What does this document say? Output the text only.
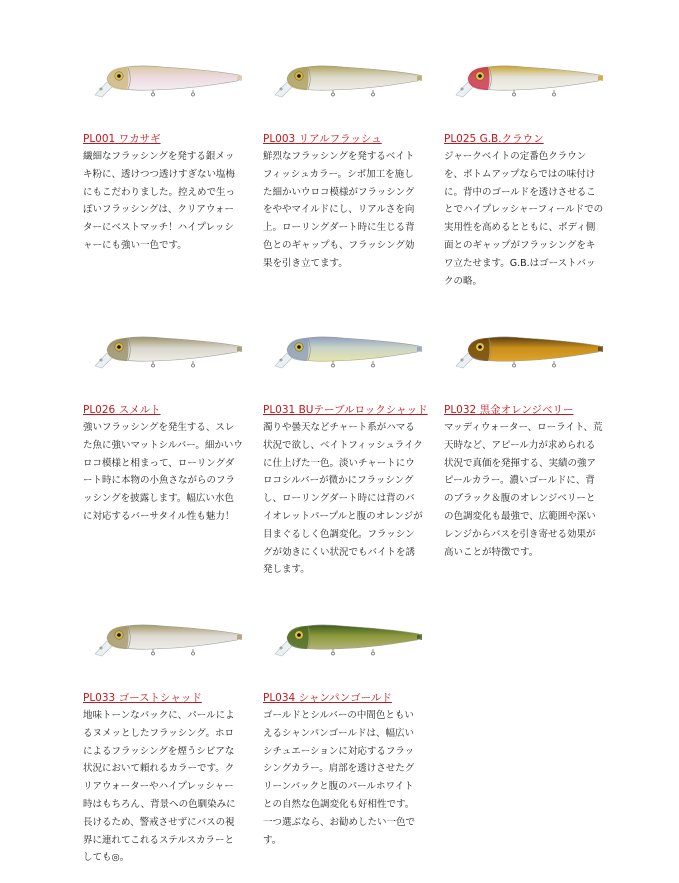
PL001 ワカサギ
繊細なフラッシングを発する銀メッキ粉に、透けつつ透けすぎない塩梅にもこだわりました。控えめで生っぽいフラッシングは、クリアウォーターにベストマッチ！ハイプレッシャーにも強い一色です。
PL003 リアルフラッシュ
鮮烈なフラッシングを発するベイトフィッシュカラー。シボ加工を施した細かいウロコ模様がフラッシングをややマイルドにし、リアルさを向上。ローリングダート時に生じる背色とのギャップも、フラッシング効果を引き立てます。
PL025 G.B.クラウン
ジャークベイトの定番色クラウンを、ボトムアップならではの味付けに。背中のゴールドを透けさせることでハイプレッシャーフィールドでの実用性を高めるとともに、ボディ側面とのギャップがフラッシングをキワ立たせます。G.B.はゴーストバックの略。
PL026 スメルト
強いフラッシングを発生する、スレた魚に強いマットシルバー。細かいウロコ模様と相まって、ローリングダート時に本物の小魚さながらのフラッシングを披露します。幅広い水色に対応するバーサタイル性も魅力！
PL031 BUテーブルロックシャッド
濁りや曇天などチャート系がハマる状況で欲し、ベイトフィッシュライクに仕上げた一色。淡いチャートにウロコシルバーが微かにフラッシングし、ローリングダート時には背のバイオレットパープルと腹のオレンジが目まぐるしく色調変化。フラッシングが効きにくい状況でもバイトを誘発します。
PL032 黒金オレンジベリー
マッディウォーター、ローライト、荒天時など、アピール力が求められる状況で真価を発揮する、実績の強アピールカラー。濃いゴールドに、背のブラック＆腹のオレンジベリーとの色調変化も最強で、広範囲や深いレンジからバスを引き寄せる効果が高いことが特徴です。
PL033 ゴーストシャッド
地味トーンなバックに、パールによるヌメッとしたフラッシング。ホロによるフラッシングを煙うシビアな状況において頼れるカラーです。クリアウォーターやハイプレッシャー時はもちろん、背景への色馴染みに長けるため、警戒させずにバスの視界に連れてこれるステルスカラーとしても◎。
PL034 シャンパンゴールド
ゴールドとシルバーの中間色ともいえるシャンパンゴールドは、幅広いシチュエーションに対応するフラッシングカラー。肩部を透けさせたグリーンバックと腹のパールホワイトとの自然な色調変化も好相性です。一つ選ぶなら、お勧めしたい一色です。
